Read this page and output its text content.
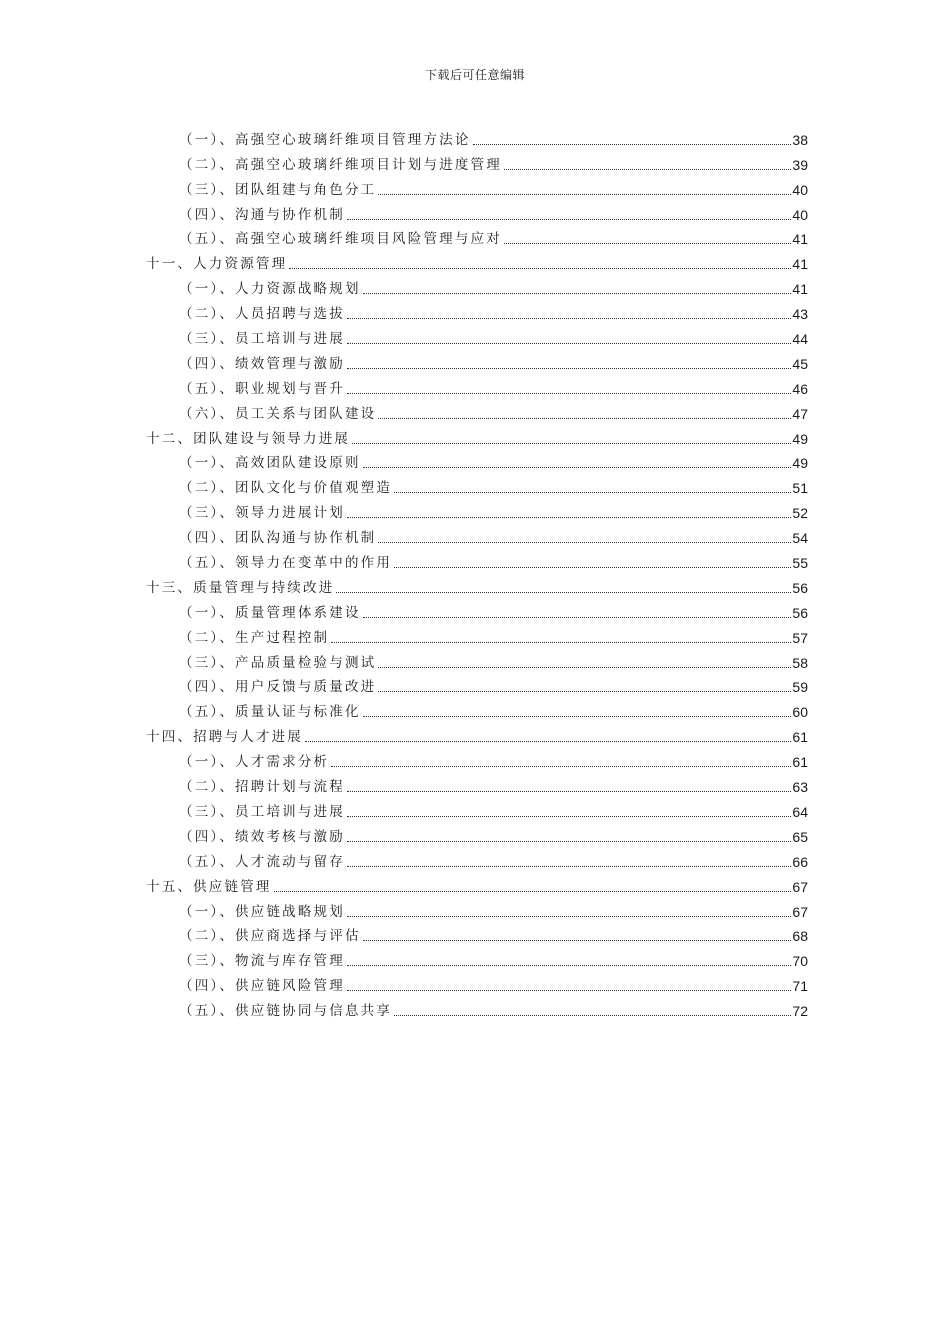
下载后可任意编辑
（一）、高强空心玻璃纤维项目管理方法论	38
（二）、高强空心玻璃纤维项目计划与进度管理	39
（三）、团队组建与角色分工	40
（四）、沟通与协作机制	40
（五）、高强空心玻璃纤维项目风险管理与应对	41
十一、人力资源管理	41
（一）、人力资源战略规划	41
（二）、人员招聘与选拔	43
（三）、员工培训与进展	44
（四）、绩效管理与激励	45
（五）、职业规划与晋升	46
（六）、员工关系与团队建设	47
十二、团队建设与领导力进展	49
（一）、高效团队建设原则	49
（二）、团队文化与价值观塑造	51
（三）、领导力进展计划	52
（四）、团队沟通与协作机制	54
（五）、领导力在变革中的作用	55
十三、质量管理与持续改进	56
（一）、质量管理体系建设	56
（二）、生产过程控制	57
（三）、产品质量检验与测试	58
（四）、用户反馈与质量改进	59
（五）、质量认证与标准化	60
十四、招聘与人才进展	61
（一）、人才需求分析	61
（二）、招聘计划与流程	63
（三）、员工培训与进展	64
（四）、绩效考核与激励	65
（五）、人才流动与留存	66
十五、供应链管理	67
（一）、供应链战略规划	67
（二）、供应商选择与评估	68
（三）、物流与库存管理	70
（四）、供应链风险管理	71
（五）、供应链协同与信息共享	72
